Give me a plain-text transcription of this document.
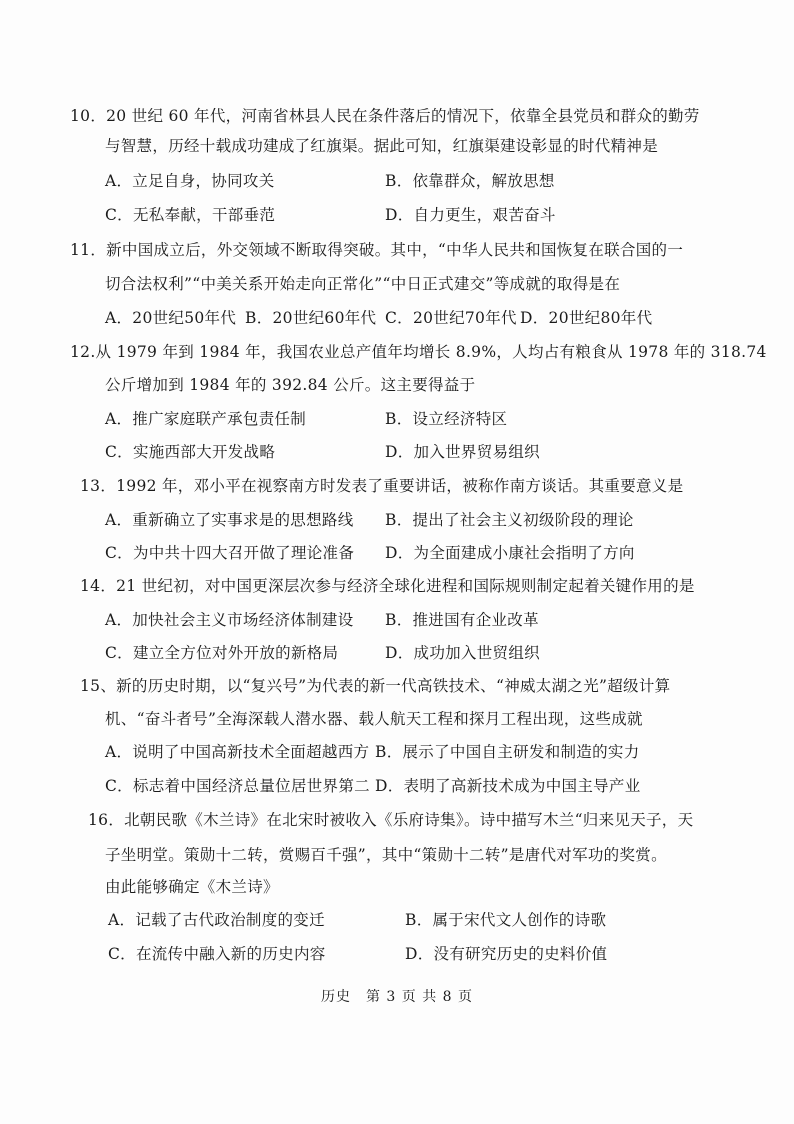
10．20 世纪 60 年代，河南省林县人民在条件落后的情况下，依靠全县党员和群众的勤劳
与智慧，历经十载成功建成了红旗渠。据此可知，红旗渠建设彰显的时代精神是
A．立足自身，协同攻关	B．依靠群众，解放思想
C．无私奉献，干部垂范	D．自力更生，艰苦奋斗
11．新中国成立后，外交领域不断取得突破。其中，“中华人民共和国恢复在联合国的一
切合法权利”“中美关系开始走向正常化”“中日正式建交”等成就的取得是在
A．20世纪50年代 B．20世纪60年代 C．20世纪70年代 D．20世纪80年代
12.从 1979 年到 1984 年，我国农业总产值年均增长 8.9%，人均占有粮食从 1978 年的 318.74
公斤增加到 1984 年的 392.84 公斤。这主要得益于
A．推广家庭联产承包责任制	B．设立经济特区
C．实施西部大开发战略	D．加入世界贸易组织
13．1992 年，邓小平在视察南方时发表了重要讲话，被称作南方谈话。其重要意义是
A．重新确立了实事求是的思想路线 B．提出了社会主义初级阶段的理论
C．为中共十四大召开做了理论准备 D．为全面建成小康社会指明了方向
14．21 世纪初，对中国更深层次参与经济全球化进程和国际规则制定起着关键作用的是
A．加快社会主义市场经济体制建设 B．推进国有企业改革
C．建立全方位对外开放的新格局	D．成功加入世贸组织
15、新的历史时期，以“复兴号”为代表的新一代高铁技术、“神威太湖之光”超级计算
机、“奋斗者号”全海深载人潜水器、载人航天工程和探月工程出现，这些成就
A．说明了中国高新技术全面超越西方 B．展示了中国自主研发和制造的实力
C．标志着中国经济总量位居世界第二 D．表明了高新技术成为中国主导产业
16．北朝民歌《木兰诗》在北宋时被收入《乐府诗集》。诗中描写木兰“归来见天子，天
子坐明堂。策勋十二转，赏赐百千强”，其中“策勋十二转”是唐代对军功的奖赏。
由此能够确定《木兰诗》
A．记载了古代政治制度的变迁	B．属于宋代文人创作的诗歌
C．在流传中融入新的历史内容	D．没有研究历史的史料价值
历史　第 3 页 共 8 页
